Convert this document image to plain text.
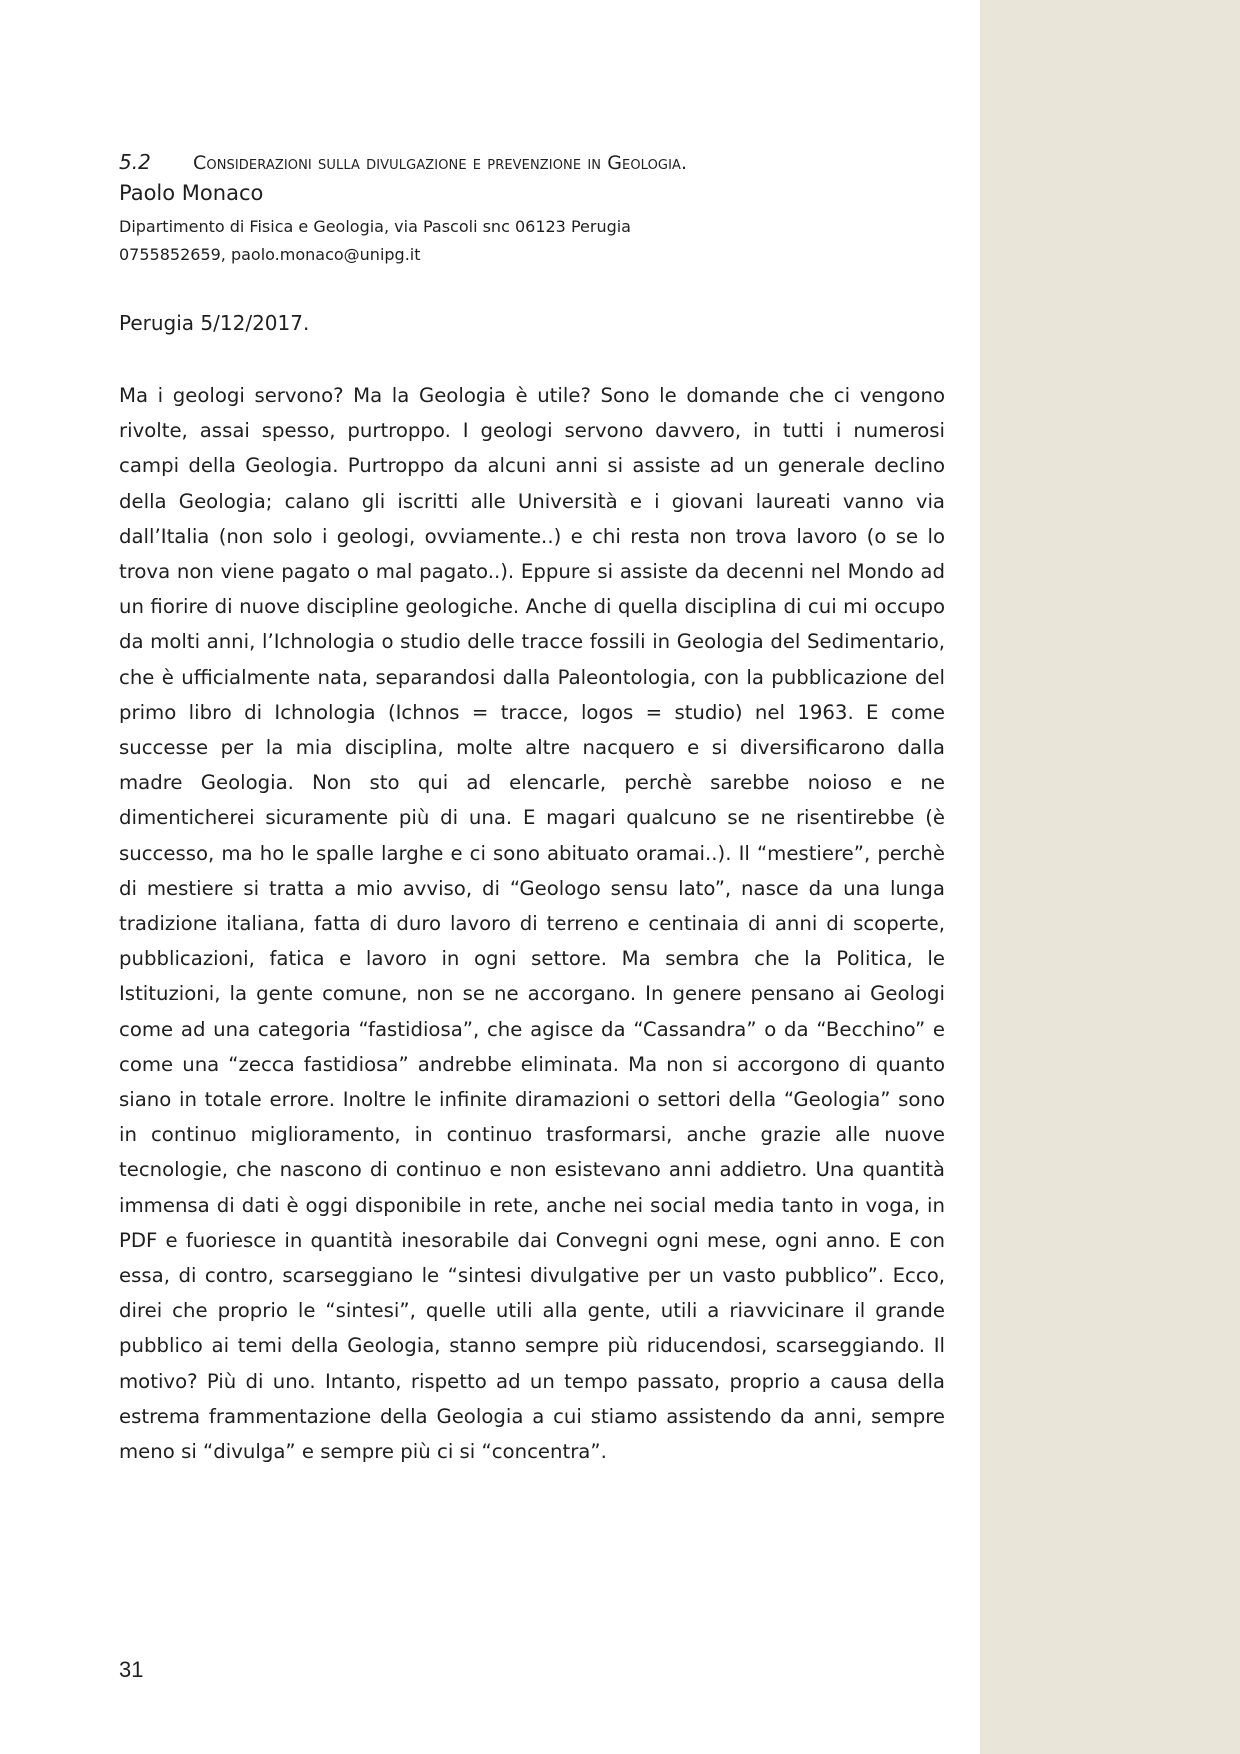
5.2 Considerazioni sulla divulgazione e prevenzione in Geologia.

Paolo Monaco

Dipartimento di Fisica e Geologia, via Pascoli snc 06123 Perugia

0755852659, paolo.monaco@unipg.it

Perugia 5/12/2017.

Ma i geologi servono? Ma la Geologia è utile? Sono le domande che ci vengono rivolte, assai spesso, purtroppo. I geologi servono davvero, in tutti i numerosi campi della Geologia. Purtroppo da alcuni anni si assiste ad un generale declino della Geologia; calano gli iscritti alle Università e i giovani laureati vanno via dall’Italia (non solo i geologi, ovviamente..) e chi resta non trova lavoro (o se lo trova non viene pagato o mal pagato..). Eppure si assiste da decenni nel Mondo ad un fiorire di nuove discipline geologiche. Anche di quella disciplina di cui mi occupo da molti anni, l’Ichnologia o studio delle tracce fossili in Geologia del Sedimentario, che è ufficialmente nata, separandosi dalla Paleontologia, con la pubblicazione del primo libro di Ichnologia (Ichnos = tracce, logos = studio) nel 1963. E come successe per la mia disciplina, molte altre nacquero e si diversificarono dalla madre Geologia. Non sto qui ad elencarle, perchè sarebbe noioso e ne dimenticherei sicuramente più di una. E magari qualcuno se ne risentirebbe (è successo, ma ho le spalle larghe e ci sono abituato oramai..). Il “mestiere”, perchè di mestiere si tratta a mio avviso, di “Geologo sensu lato”, nasce da una lunga tradizione italiana, fatta di duro lavoro di terreno e centinaia di anni di scoperte, pubblicazioni, fatica e lavoro in ogni settore. Ma sembra che la Politica, le Istituzioni, la gente comune, non se ne accorgano. In genere pensano ai Geologi come ad una categoria “fastidiosa”, che agisce da “Cassandra” o da “Becchino” e come una “zecca fastidiosa” andrebbe eliminata. Ma non si accorgono di quanto siano in totale errore. Inoltre le infinite diramazioni o settori della “Geologia” sono in continuo miglioramento, in continuo trasformarsi, anche grazie alle nuove tecnologie, che nascono di continuo e non esistevano anni addietro. Una quantità immensa di dati è oggi disponibile in rete, anche nei social media tanto in voga, in PDF e fuoriesce in quantità inesorabile dai Convegni ogni mese, ogni anno. E con essa, di contro, scarseggiano le “sintesi divulgative per un vasto pubblico”. Ecco, direi che proprio le “sintesi”, quelle utili alla gente, utili a riavvicinare il grande pubblico ai temi della Geologia, stanno sempre più riducendosi, scarseggiando. Il motivo? Più di uno. Intanto, rispetto ad un tempo passato, proprio a causa della estrema frammentazione della Geologia a cui stiamo assistendo da anni, sempre meno si “divulga” e sempre più ci si “concentra”.

31
